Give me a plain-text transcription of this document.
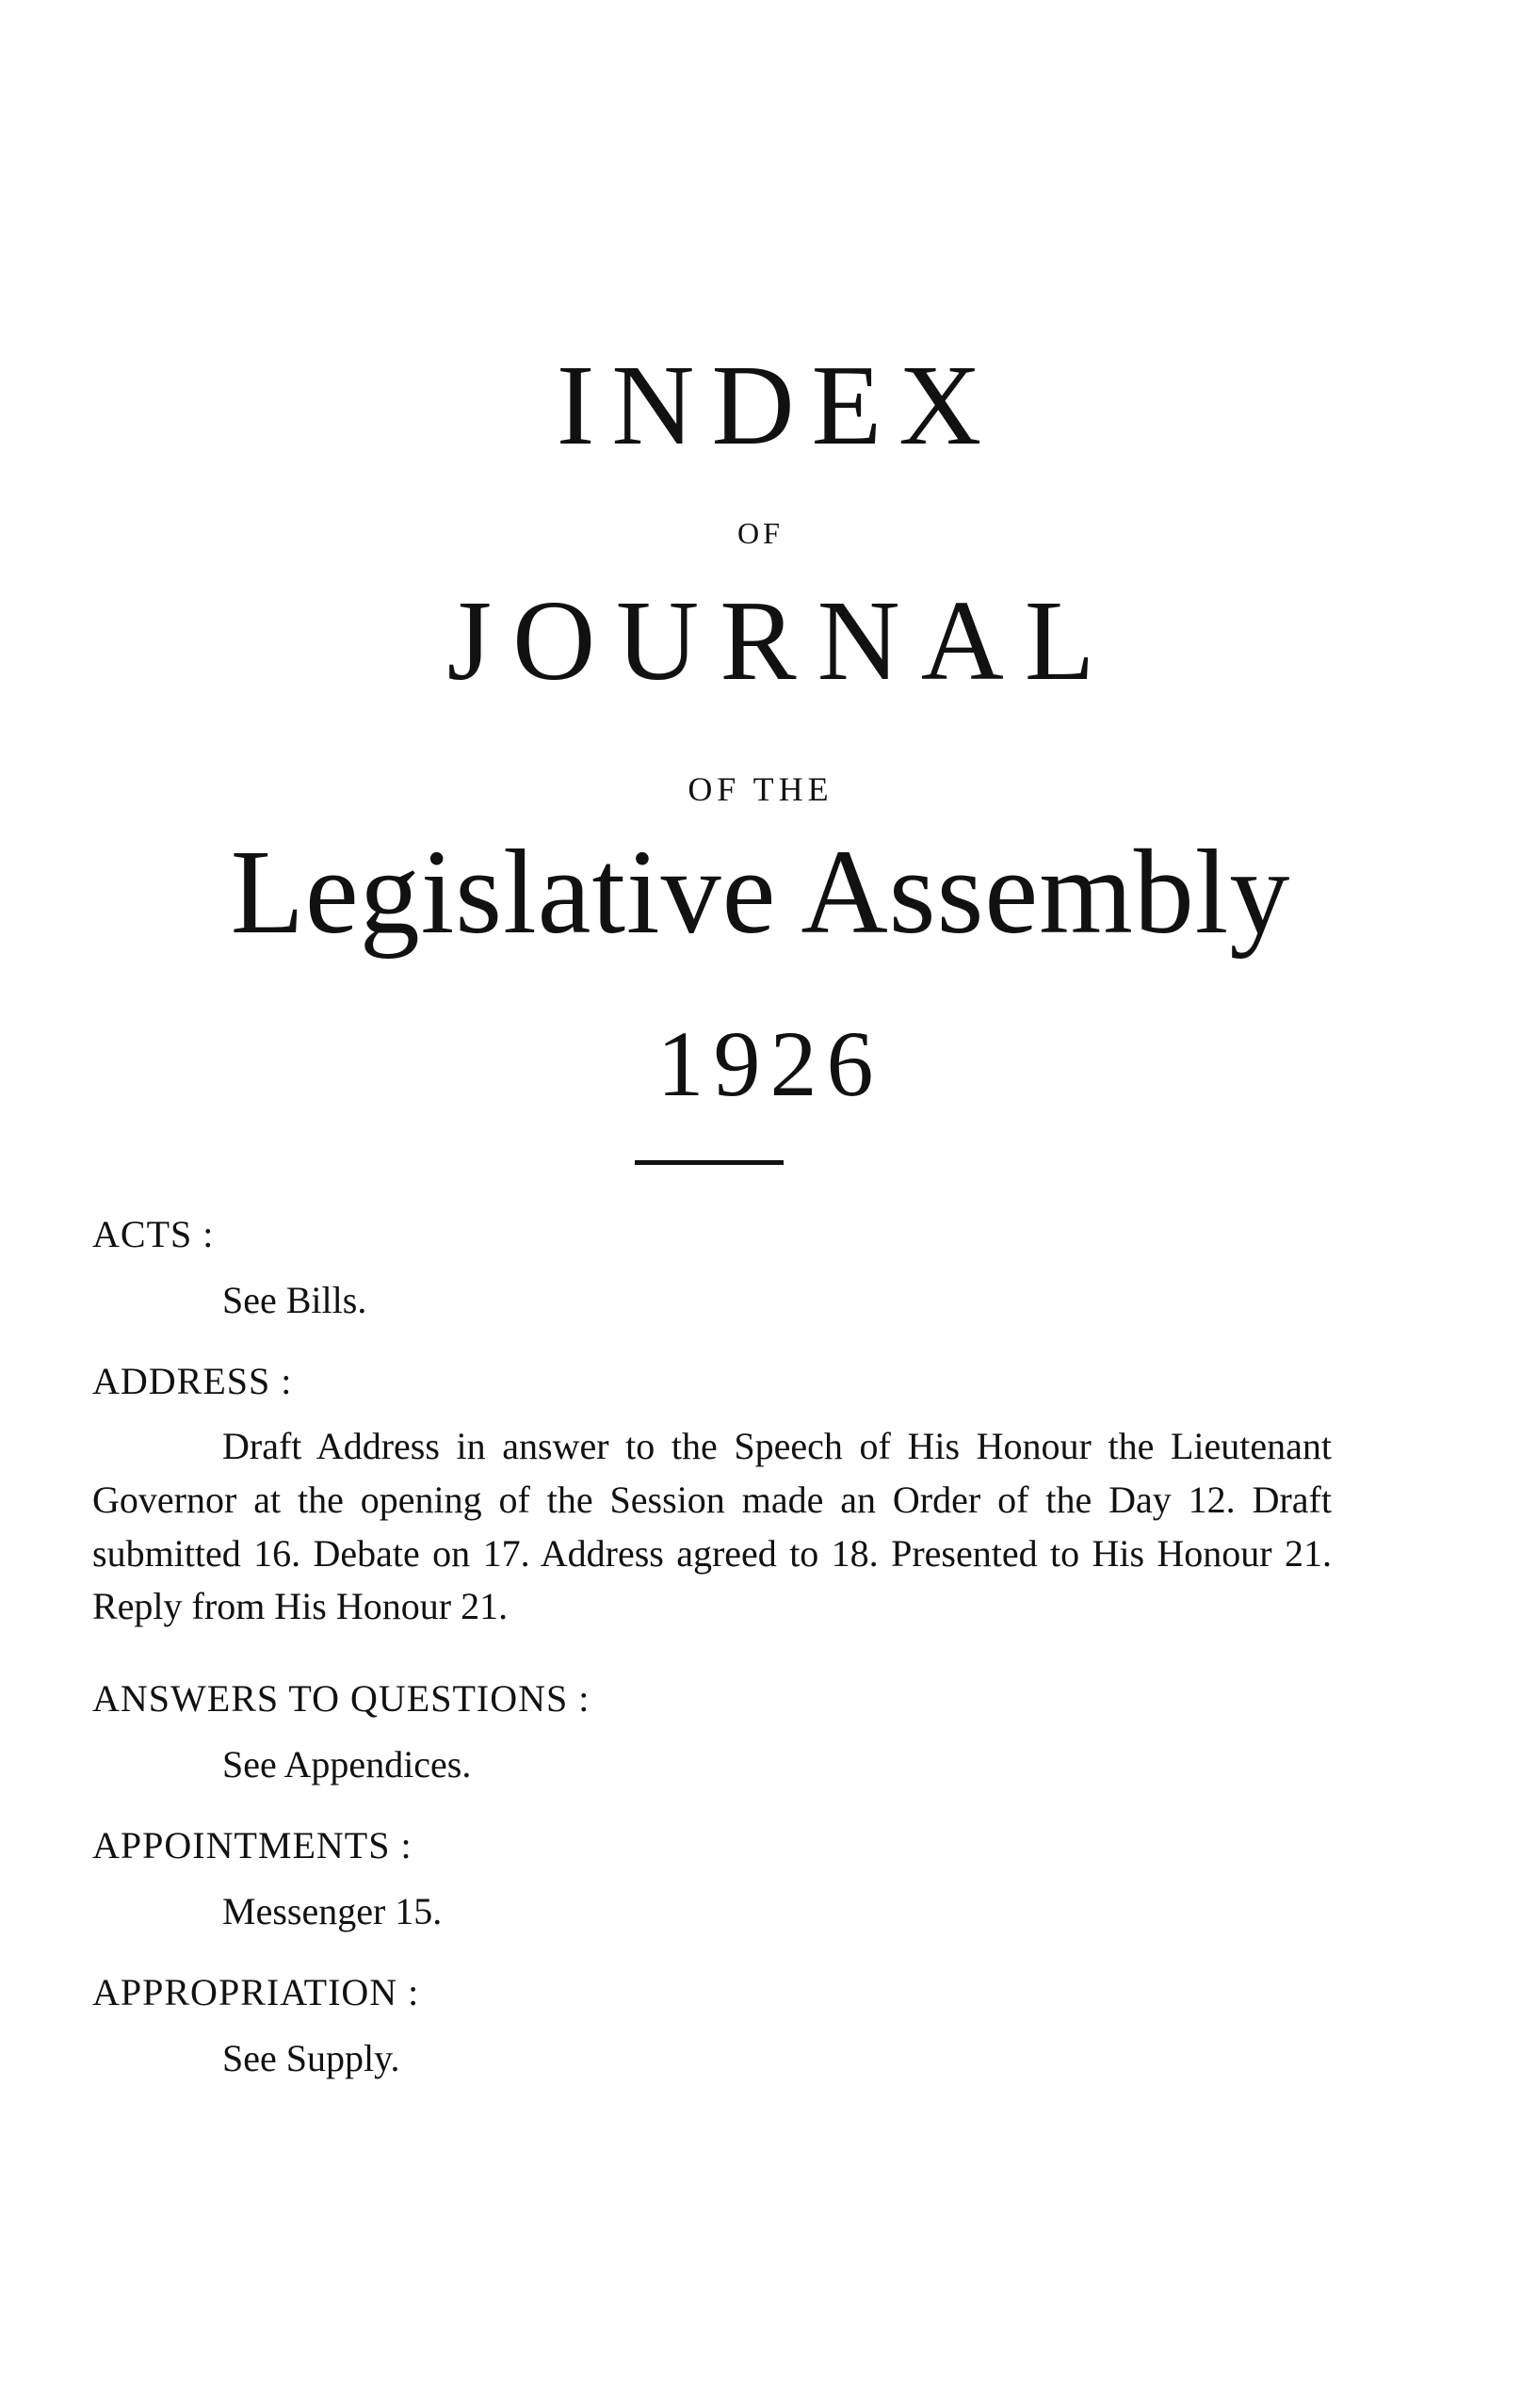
INDEX
OF
JOURNAL
OF THE
Legislative Assembly
1926
ACTS :

See Bills.

ADDRESS :

Draft Address in answer to the Speech of His Honour the Lieutenant Governor at the opening of the Session made an Order of the Day 12. Draft submitted 16. Debate on 17. Address agreed to 18. Presented to His Honour 21. Reply from His Honour 21.

ANSWERS TO QUESTIONS :

See Appendices.

APPOINTMENTS :

Messenger 15.

APPROPRIATION :

See Supply.
